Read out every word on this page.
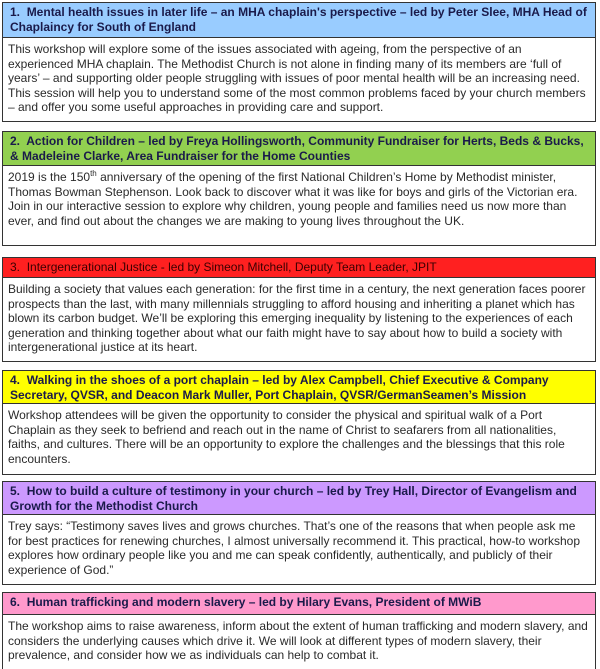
1. Mental health issues in later life – an MHA chaplain's perspective – led by Peter Slee, MHA Head of Chaplaincy for South of England

This workshop will explore some of the issues associated with ageing, from the perspective of an experienced MHA chaplain. The Methodist Church is not alone in finding many of its members are ‘full of years’ – and supporting older people struggling with issues of poor mental health will be an increasing need. This session will help you to understand some of the most common problems faced by your church members – and offer you some useful approaches in providing care and support.

2. Action for Children – led by Freya Hollingsworth, Community Fundraiser for Herts, Beds & Bucks, & Madeleine Clarke, Area Fundraiser for the Home Counties

2019 is the 150th anniversary of the opening of the first National Children’s Home by Methodist minister, Thomas Bowman Stephenson. Look back to discover what it was like for boys and girls of the Victorian era. Join in our interactive session to explore why children, young people and families need us now more than ever, and find out about the changes we are making to young lives throughout the UK.

3. Intergenerational Justice - led by Simeon Mitchell, Deputy Team Leader, JPIT

Building a society that values each generation: for the first time in a century, the next generation faces poorer prospects than the last, with many millennials struggling to afford housing and inheriting a planet which has blown its carbon budget. We’ll be exploring this emerging inequality by listening to the experiences of each generation and thinking together about what our faith might have to say about how to build a society with intergenerational justice at its heart.

4. Walking in the shoes of a port chaplain – led by Alex Campbell, Chief Executive & Company Secretary, QVSR, and Deacon Mark Muller, Port Chaplain, QVSR/GermanSeamen’s Mission

Workshop attendees will be given the opportunity to consider the physical and spiritual walk of a Port Chaplain as they seek to befriend and reach out in the name of Christ to seafarers from all nationalities, faiths, and cultures. There will be an opportunity to explore the challenges and the blessings that this role encounters.

5. How to build a culture of testimony in your church – led by Trey Hall, Director of Evangelism and Growth for the Methodist Church

Trey says: “Testimony saves lives and grows churches. That’s one of the reasons that when people ask me for best practices for renewing churches, I almost universally recommend it. This practical, how-to workshop explores how ordinary people like you and me can speak confidently, authentically, and publicly of their experience of God.”

6. Human trafficking and modern slavery – led by Hilary Evans, President of MWiB

The workshop aims to raise awareness, inform about the extent of human trafficking and modern slavery, and considers the underlying causes which drive it. We will look at different types of modern slavery, their prevalence, and consider how we as individuals can help to combat it.
